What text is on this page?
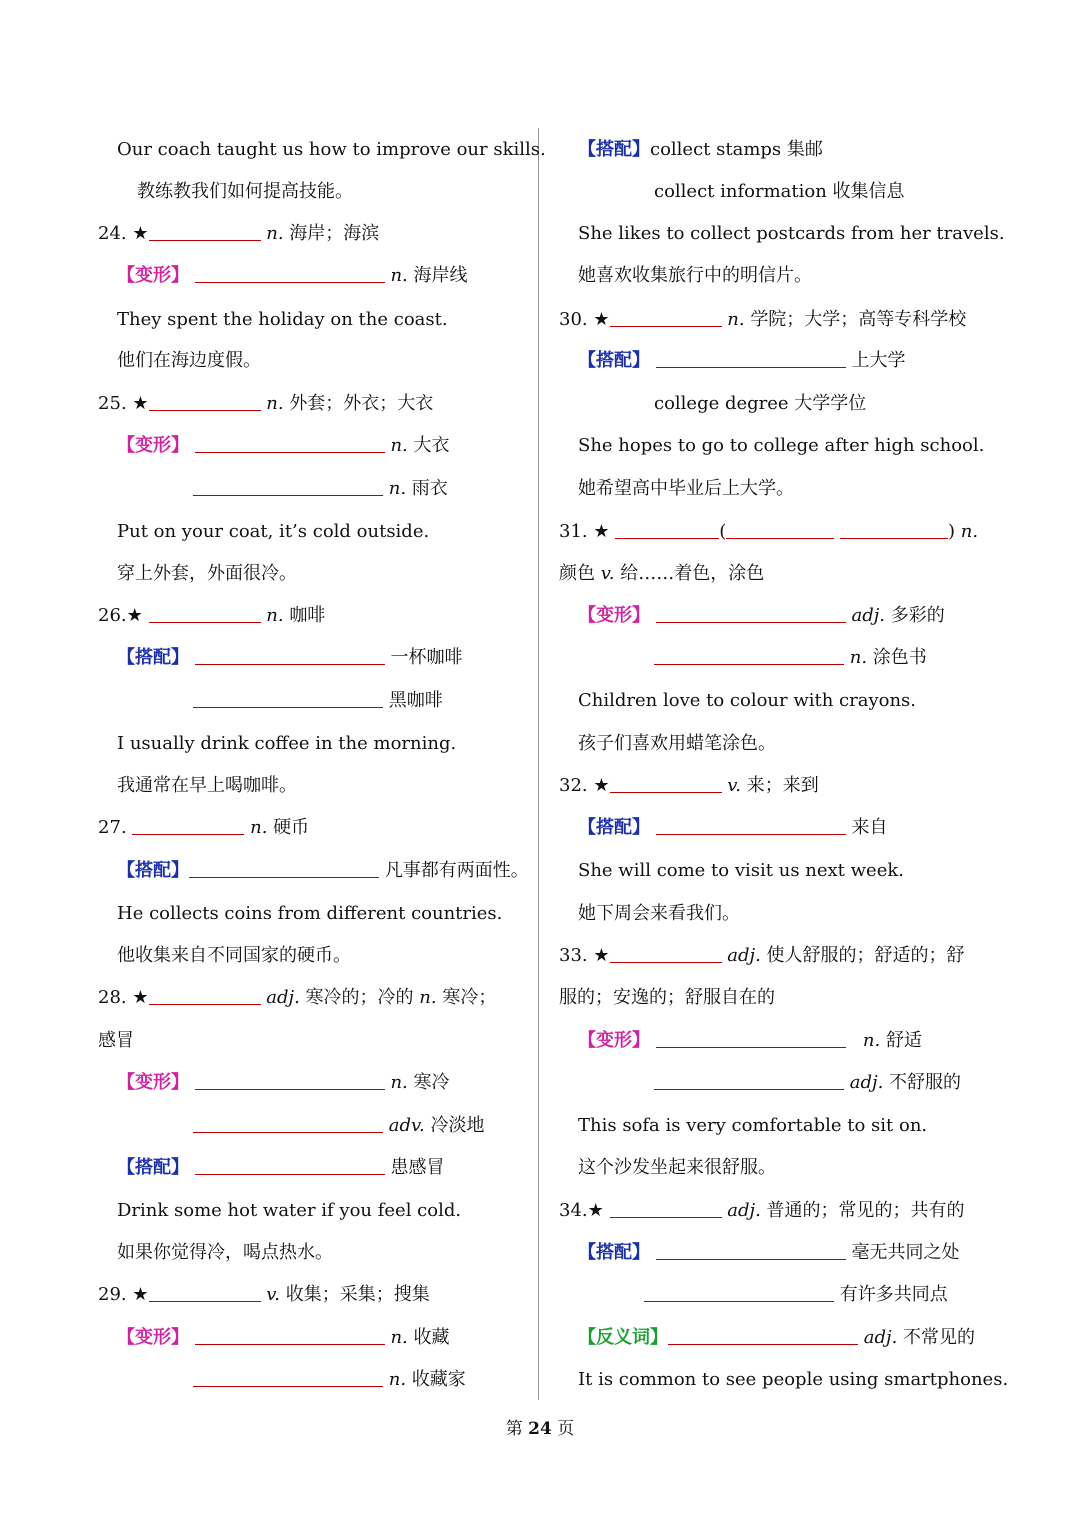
Our coach taught us how to improve our skills.
教练教我们如何提高技能。
24. ★	n. 海岸；海滨
【变形】	n. 海岸线
They spent the holiday on the coast.
他们在海边度假。
25. ★	n. 外套；外衣；大衣
【变形】	n. 大衣
n. 雨衣
Put on your coat, it’s cold outside.
穿上外套，外面很冷。
26.★	n. 咖啡
【搭配】	一杯咖啡
黑咖啡
I usually drink coffee in the morning.
我通常在早上喝咖啡。
27.	n. 硬币
【搭配】	凡事都有两面性。
He collects coins from different countries.
他收集来自不同国家的硬币。
28. ★	adj. 寒冷的；冷的 n. 寒冷；
感冒
【变形】	n. 寒冷
adv. 冷淡地
【搭配】	患感冒
Drink some hot water if you feel cold.
如果你觉得冷，喝点热水。
29. ★	v. 收集；采集；搜集
【变形】	n. 收藏
n. 收藏家
【搭配】collect stamps 集邮
collect information 收集信息
She likes to collect postcards from her travels.
她喜欢收集旅行中的明信片。
30. ★	n. 学院；大学；高等专科学校
【搭配】	上大学
college degree 大学学位
She hopes to go to college after high school.
她希望高中毕业后上大学。
31. ★	(	) n.
颜色 v. 给……着色，涂色
【变形】	adj. 多彩的
n. 涂色书
Children love to colour with crayons.
孩子们喜欢用蜡笔涂色。
32. ★	v. 来；来到
【搭配】	来自
She will come to visit us next week.
她下周会来看我们。
33. ★	adj. 使人舒服的；舒适的；舒
服的；安逸的；舒服自在的
【变形】	n. 舒适
adj. 不舒服的
This sofa is very comfortable to sit on.
这个沙发坐起来很舒服。
34.★	adj. 普通的；常见的；共有的
【搭配】	毫无共同之处
有许多共同点
【反义词】	adj. 不常见的
It is common to see people using smartphones.
第 24 页
